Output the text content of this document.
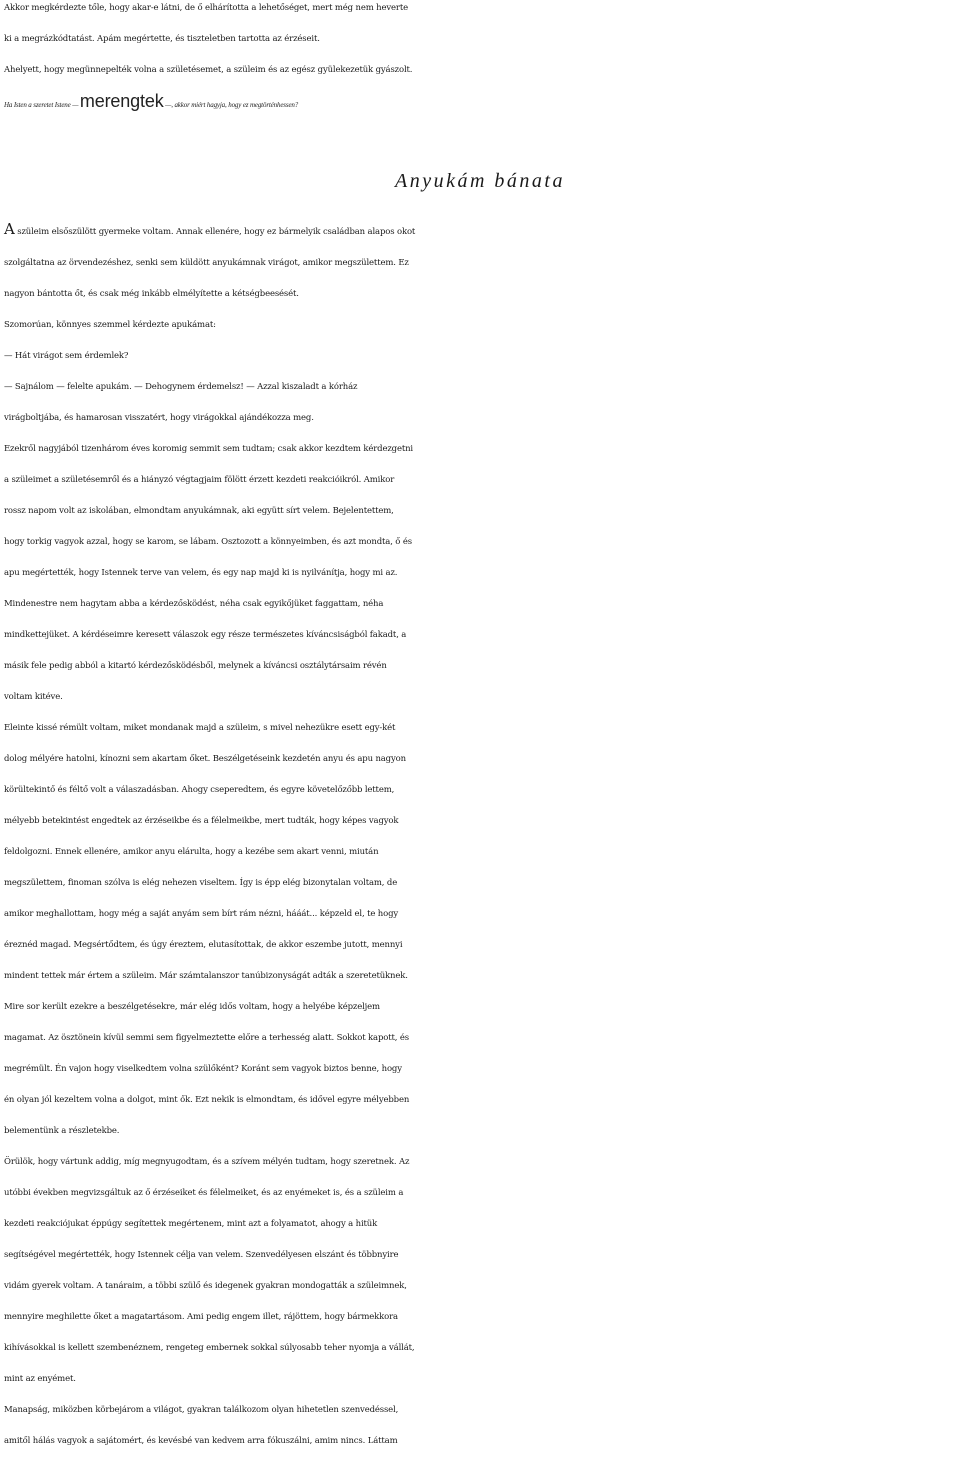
Akkor megkérdezte tőle, hogy akar-e látni, de ő elhárította a lehetőséget, mert még nem heverte
ki a megrázkódtatást. Apám megértette, és tiszteletben tartotta az érzéseit.
Ahelyett, hogy megünnepelték volna a születésemet, a szüleim és az egész gyülekezetük gyászolt.
Ha Isten a szeretet Istene — merengtek —, akkor miért hagyja, hogy ez megtörténhessen?
Anyukám bánata
A szüleim elsőszülött gyermeke voltam. Annak ellenére, hogy ez bármelyik családban alapos okot
szolgáltatna az örvendezéshez, senki sem küldött anyukámnak virágot, amikor megszülettem. Ez
nagyon bántotta őt, és csak még inkább elmélyítette a kétségbeesését.
Szomorúan, könnyes szemmel kérdezte apukámat:
— Hát virágot sem érdemlek?
— Sajnálom — felelte apukám. — Dehogynem érdemelsz! — Azzal kiszaladt a kórház
virágboltjába, és hamarosan visszatért, hogy virágokkal ajándékozza meg.
Ezekről nagyjából tizenhárom éves koromig semmit sem tudtam; csak akkor kezdtem kérdezgetni
a szüleimet a születésemről és a hiányzó végtagjaim fölött érzett kezdeti reakcióikról. Amikor
rossz napom volt az iskolában, elmondtam anyukámnak, aki együtt sírt velem. Bejelentettem,
hogy torkig vagyok azzal, hogy se karom, se lábam. Osztozott a könnyeimben, és azt mondta, ő és
apu megértették, hogy Istennek terve van velem, és egy nap majd ki is nyilvánítja, hogy mi az.
Mindenestre nem hagytam abba a kérdezősködést, néha csak egyikőjüket faggattam, néha
mindkettejüket. A kérdéseimre keresett válaszok egy része természetes kíváncsiságból fakadt, a
másik fele pedig abból a kitartó kérdezősködésből, melynek a kíváncsi osztálytársaim révén
voltam kitéve.
Eleinte kissé rémült voltam, miket mondanak majd a szüleim, s mivel nehezükre esett egy-két
dolog mélyére hatolni, kínozni sem akartam őket. Beszélgetéseink kezdetén anyu és apu nagyon
körültekintő és féltő volt a válaszadásban. Ahogy cseperedtem, és egyre követelőzőbb lettem,
mélyebb betekintést engedtek az érzéseikbe és a félelmeikbe, mert tudták, hogy képes vagyok
feldolgozni. Ennek ellenére, amikor anyu elárulta, hogy a kezébe sem akart venni, miután
megszülettem, finoman szólva is elég nehezen viseltem. Így is épp elég bizonytalan voltam, de
amikor meghallottam, hogy még a saját anyám sem bírt rám nézni, hááát... képzeld el, te hogy
éreznéd magad. Megsértődtem, és úgy éreztem, elutasítottak, de akkor eszembe jutott, mennyi
mindent tettek már értem a szüleim. Már számtalanszor tanúbizonyságát adták a szeretetüknek.
Mire sor került ezekre a beszélgetésekre, már elég idős voltam, hogy a helyébe képzeljem
magamat. Az ösztönein kívül semmi sem figyelmeztette előre a terhesség alatt. Sokkot kapott, és
megrémült. Én vajon hogy viselkedtem volna szülőként? Koránt sem vagyok biztos benne, hogy
én olyan jól kezeltem volna a dolgot, mint ők. Ezt nekik is elmondtam, és idővel egyre mélyebben
belementünk a részletekbe.
Örülök, hogy vártunk addig, míg megnyugodtam, és a szívem mélyén tudtam, hogy szeretnek. Az
utóbbi években megvizsgáltuk az ő érzéseiket és félelmeiket, és az enyémeket is, és a szüleim a
kezdeti reakciójukat éppúgy segítettek megértenem, mint azt a folyamatot, ahogy a hitük
segítségével megértették, hogy Istennek célja van velem. Szenvedélyesen elszánt és többnyire
vidám gyerek voltam. A tanáraim, a többi szülő és idegenek gyakran mondogatták a szüleimnek,
mennyire meghilette őket a magatartásom. Ami pedig engem illet, rájöttem, hogy bármekkora
kihívásokkal is kellett szembenéznem, rengeteg embernek sokkal súlyosabb teher nyomja a vállát,
mint az enyémet.
Manapság, miközben körbejárom a világot, gyakran találkozom olyan hihetetlen szenvedéssel,
amitől hálás vagyok a sajátomért, és kevésbé van kedvem arra fókuszálni, amim nincs. Láttam
